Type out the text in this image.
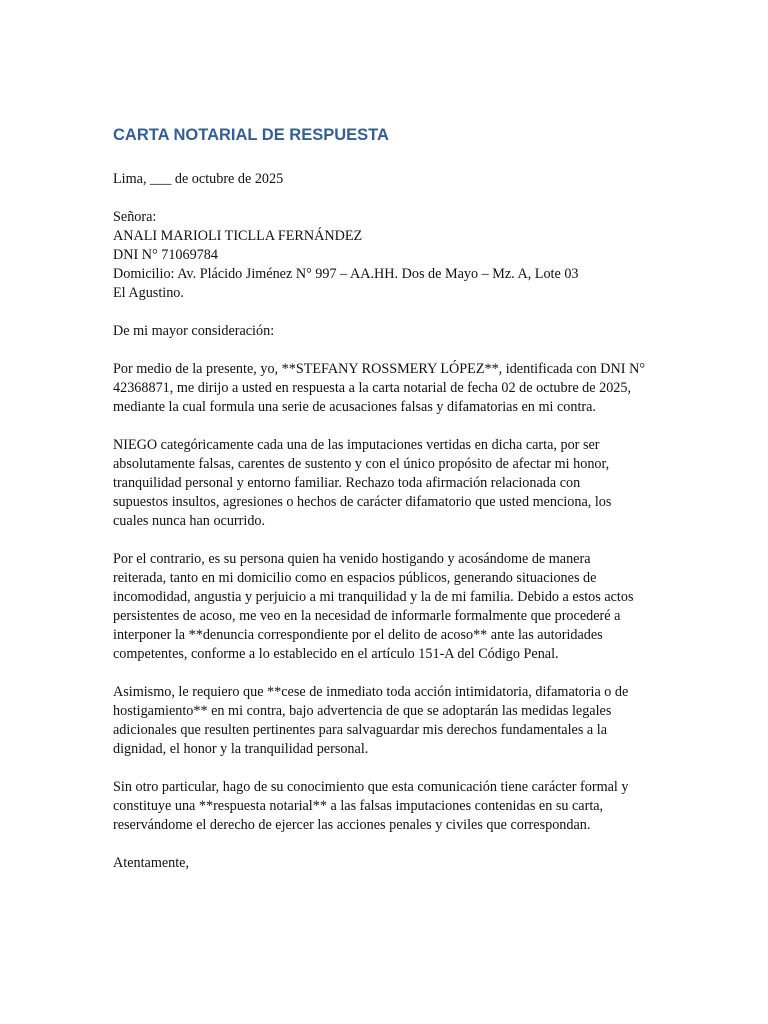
CARTA NOTARIAL DE RESPUESTA
Lima, ___ de octubre de 2025
Señora:
ANALI MARIOLI TICLLA FERNÁNDEZ
DNI N° 71069784
Domicilio: Av. Plácido Jiménez N° 997 – AA.HH. Dos de Mayo – Mz. A, Lote 03
El Agustino.
De mi mayor consideración:
Por medio de la presente, yo, **STEFANY ROSSMERY LÓPEZ**, identificada con DNI N°
42368871, me dirijo a usted en respuesta a la carta notarial de fecha 02 de octubre de 2025,
mediante la cual formula una serie de acusaciones falsas y difamatorias en mi contra.
NIEGO categóricamente cada una de las imputaciones vertidas en dicha carta, por ser
absolutamente falsas, carentes de sustento y con el único propósito de afectar mi honor,
tranquilidad personal y entorno familiar. Rechazo toda afirmación relacionada con
supuestos insultos, agresiones o hechos de carácter difamatorio que usted menciona, los
cuales nunca han ocurrido.
Por el contrario, es su persona quien ha venido hostigando y acosándome de manera
reiterada, tanto en mi domicilio como en espacios públicos, generando situaciones de
incomodidad, angustia y perjuicio a mi tranquilidad y la de mi familia. Debido a estos actos
persistentes de acoso, me veo en la necesidad de informarle formalmente que procederé a
interponer la **denuncia correspondiente por el delito de acoso** ante las autoridades
competentes, conforme a lo establecido en el artículo 151-A del Código Penal.
Asimismo, le requiero que **cese de inmediato toda acción intimidatoria, difamatoria o de
hostigamiento** en mi contra, bajo advertencia de que se adoptarán las medidas legales
adicionales que resulten pertinentes para salvaguardar mis derechos fundamentales a la
dignidad, el honor y la tranquilidad personal.
Sin otro particular, hago de su conocimiento que esta comunicación tiene carácter formal y
constituye una **respuesta notarial** a las falsas imputaciones contenidas en su carta,
reservándome el derecho de ejercer las acciones penales y civiles que correspondan.
Atentamente,
